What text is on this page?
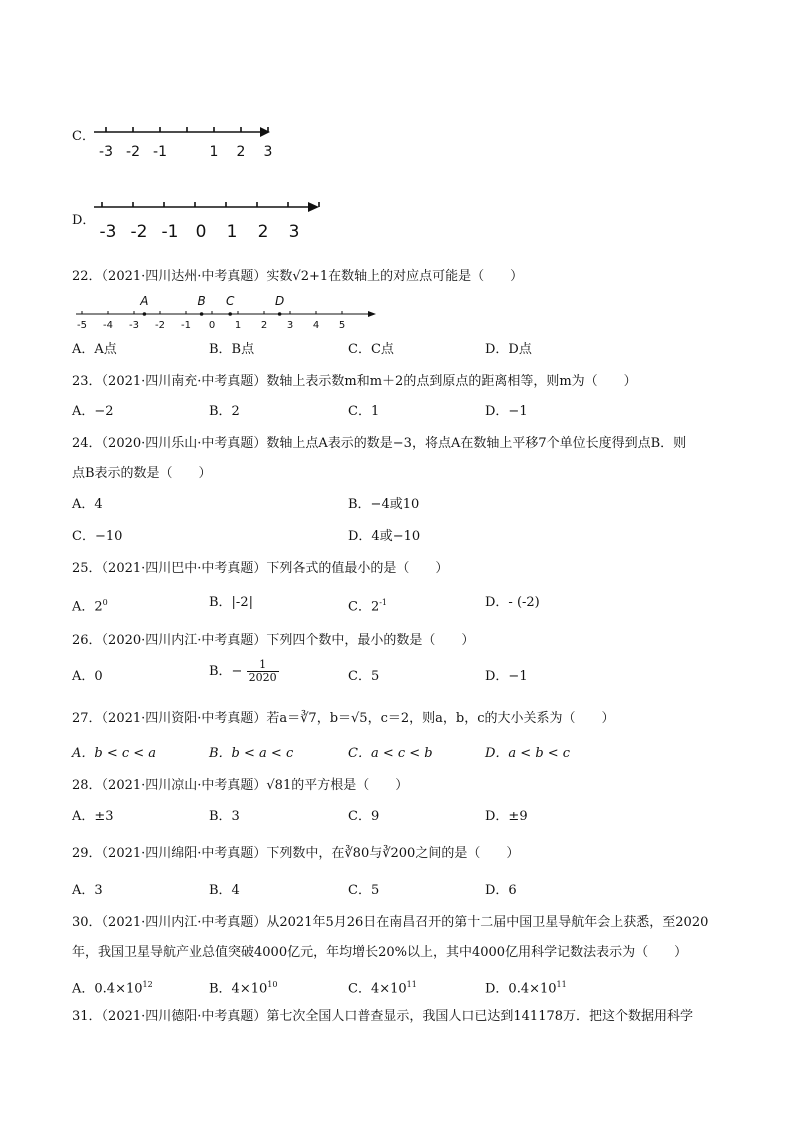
C．
-3 -2 -1	1 2 3
D．
-3 -2 -1 0 1 2 3
22．（2021·四川达州·中考真题）实数√2+1在数轴上的对应点可能是（　　）
-5 -4 -3 -2 -1 0 1 2 3 4 5
A	B C	D
A．A点	B．B点	C．C点	D．D点
23．（2021·四川南充·中考真题）数轴上表示数m和m＋2的点到原点的距离相等，则m为（　　）
A．−2	B．2	C．1	D．−1
24．（2020·四川乐山·中考真题）数轴上点A表示的数是−3，将点A在数轴上平移7个单位长度得到点B．则
点B表示的数是（　　）
A．4	B．−4或10
C．−10	D．4或−10
25．（2021·四川巴中·中考真题）下列各式的值最小的是（　　）
A．$2^0$	B．|-2|	C．$2^{-1}$	D．- (-2)
26．（2020·四川内江·中考真题）下列四个数中，最小的数是（　　）
A．0	B．− $\frac{1}{2020}$	C．5	D．−1
27．（2021·四川资阳·中考真题）若a＝∛7，b＝√5，c＝2，则a，b，c的大小关系为（　　）
A．b < c < a	B．b < a < c	C．a < c < b	D．a < b < c
28．（2021·四川凉山·中考真题）√81的平方根是（　　）
A．±3	B．3	C．9	D．±9
29．（2021·四川绵阳·中考真题）下列数中，在∛80与∛200之间的是（　　）
A．3	B．4	C．5	D．6
30．（2021·四川内江·中考真题）从2021年5月26日在南昌召开的第十二届中国卫星导航年会上获悉，至2020
年，我国卫星导航产业总值突破4000亿元，年均增长20%以上，其中4000亿用科学记数法表示为（　　）
A．$0.4\times 10^{12}$	B．$4\times 10^{10}$	C．$4\times 10^{11}$	D．$0.4\times 10^{11}$
31．（2021·四川德阳·中考真题）第七次全国人口普查显示，我国人口已达到141178万．把这个数据用科学
